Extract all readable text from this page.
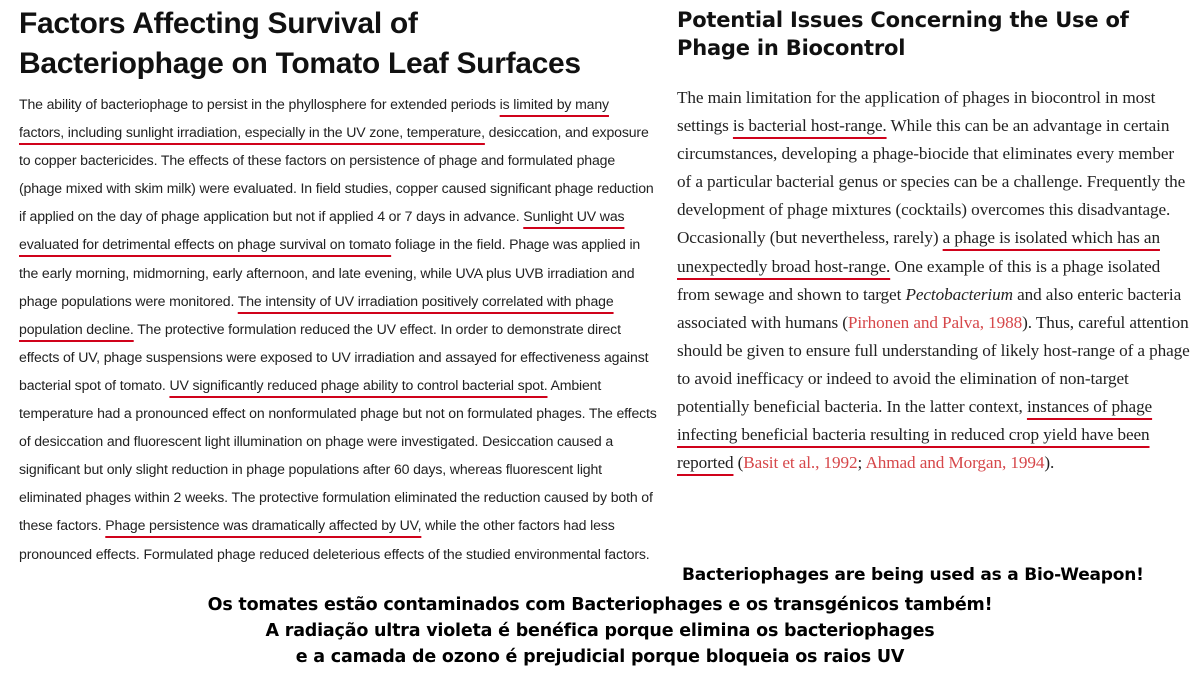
Factors Affecting Survival of
Bacteriophage on Tomato Leaf Surfaces

The ability of bacteriophage to persist in the phyllosphere for extended periods is limited by many factors, including sunlight irradiation, especially in the UV zone, temperature, desiccation, and exposure to copper bactericides. The effects of these factors on persistence of phage and formulated phage (phage mixed with skim milk) were evaluated. In field studies, copper caused significant phage reduction if applied on the day of phage application but not if applied 4 or 7 days in advance. Sunlight UV was evaluated for detrimental effects on phage survival on tomato foliage in the field. Phage was applied in the early morning, midmorning, early afternoon, and late evening, while UVA plus UVB irradiation and phage populations were monitored. The intensity of UV irradiation positively correlated with phage population decline. The protective formulation reduced the UV effect. In order to demonstrate direct effects of UV, phage suspensions were exposed to UV irradiation and assayed for effectiveness against bacterial spot of tomato. UV significantly reduced phage ability to control bacterial spot. Ambient temperature had a pronounced effect on nonformulated phage but not on formulated phages. The effects of desiccation and fluorescent light illumination on phage were investigated. Desiccation caused a significant but only slight reduction in phage populations after 60 days, whereas fluorescent light eliminated phages within 2 weeks. The protective formulation eliminated the reduction caused by both of these factors. Phage persistence was dramatically affected by UV, while the other factors had less pronounced effects. Formulated phage reduced deleterious effects of the studied environmental factors.

Potential Issues Concerning the Use of
Phage in Biocontrol

The main limitation for the application of phages in biocontrol in most settings is bacterial host-range. While this can be an advantage in certain circumstances, developing a phage-biocide that eliminates every member of a particular bacterial genus or species can be a challenge. Frequently the development of phage mixtures (cocktails) overcomes this disadvantage. Occasionally (but nevertheless, rarely) a phage is isolated which has an unexpectedly broad host-range. One example of this is a phage isolated from sewage and shown to target Pectobacterium and also enteric bacteria associated with humans (Pirhonen and Palva, 1988). Thus, careful attention should be given to ensure full understanding of likely host-range of a phage to avoid inefficacy or indeed to avoid the elimination of non-target potentially beneficial bacteria. In the latter context, instances of phage infecting beneficial bacteria resulting in reduced crop yield have been reported (Basit et al., 1992; Ahmad and Morgan, 1994).

Bacteriophages are being used as a Bio-Weapon!

Os tomates estão contaminados com Bacteriophages e os transgénicos também!
A radiação ultra violeta é benéfica porque elimina os bacteriophages
e a camada de ozono é prejudicial porque bloqueia os raios UV
